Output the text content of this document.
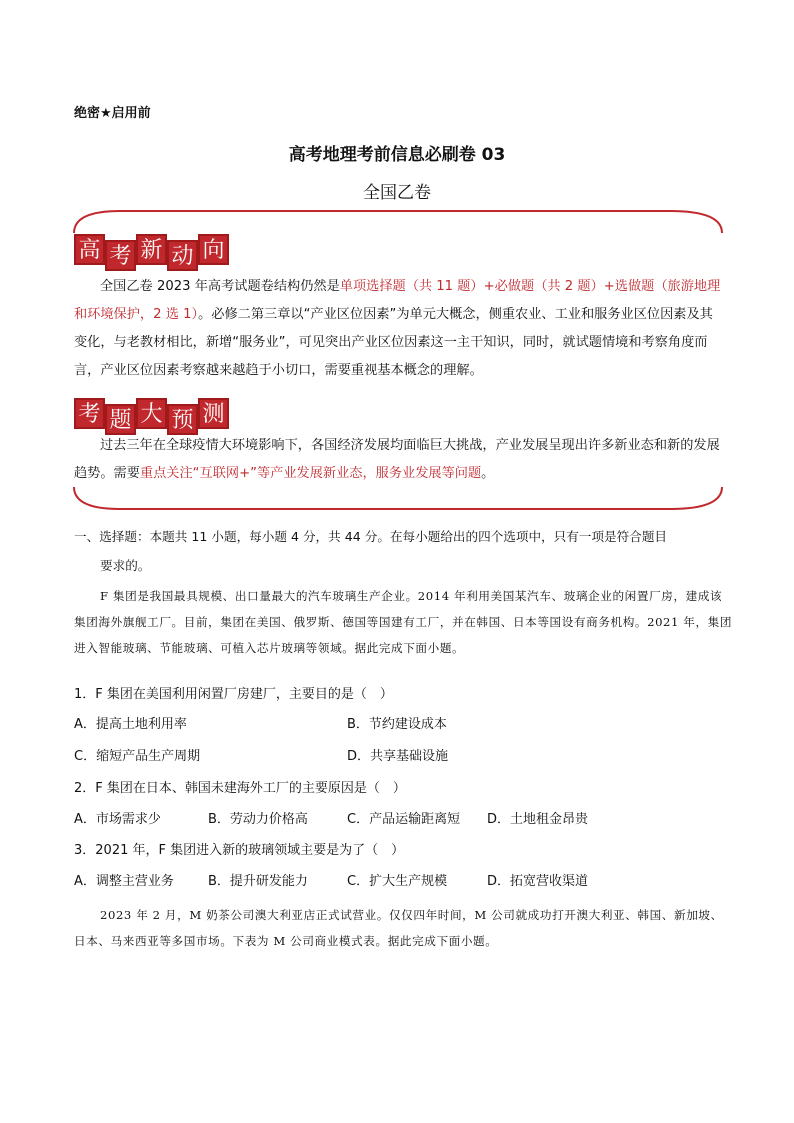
绝密★启用前
高考地理考前信息必刷卷 03
全国乙卷
高 考 新 动 向
全国乙卷 2023 年高考试题卷结构仍然是单项选择题（共 11 题）+必做题（共 2 题）+选做题（旅游地理和环境保护，2 选 1）。必修二第三章以“产业区位因素”为单元大概念，侧重农业、工业和服务业区位因素及其变化，与老教材相比，新增“服务业”，可见突出产业区位因素这一主干知识，同时，就试题情境和考察角度而言，产业区位因素考察越来越趋于小切口，需要重视基本概念的理解。
考 题 大 预 测
过去三年在全球疫情大环境影响下，各国经济发展均面临巨大挑战，产业发展呈现出许多新业态和新的发展趋势。需要重点关注“互联网+”等产业发展新业态，服务业发展等问题。
一、选择题：本题共 11 小题，每小题 4 分，共 44 分。在每小题给出的四个选项中，只有一项是符合题目
要求的。
F 集团是我国最具规模、出口量最大的汽车玻璃生产企业。2014 年利用美国某汽车、玻璃企业的闲置厂房，建成该集团海外旗舰工厂。目前，集团在美国、俄罗斯、德国等国建有工厂，并在韩国、日本等国设有商务机构。2021 年，集团进入智能玻璃、节能玻璃、可植入芯片玻璃等领域。据此完成下面小题。
1．F 集团在美国利用闲置厂房建厂，主要目的是（　）
A．提高土地利用率	B．节约建设成本
C．缩短产品生产周期	D．共享基础设施
2．F 集团在日本、韩国未建海外工厂的主要原因是（　）
A．市场需求少	B．劳动力价格高	C．产品运输距离短 D．土地租金昂贵
3．2021 年，F 集团进入新的玻璃领域主要是为了（　）
A．调整主营业务	B．提升研发能力	C．扩大生产规模	D．拓宽营收渠道
2023 年 2 月，M 奶茶公司澳大利亚店正式试营业。仅仅四年时间，M 公司就成功打开澳大利亚、韩国、新加坡、日本、马来西亚等多国市场。下表为 M 公司商业模式表。据此完成下面小题。
